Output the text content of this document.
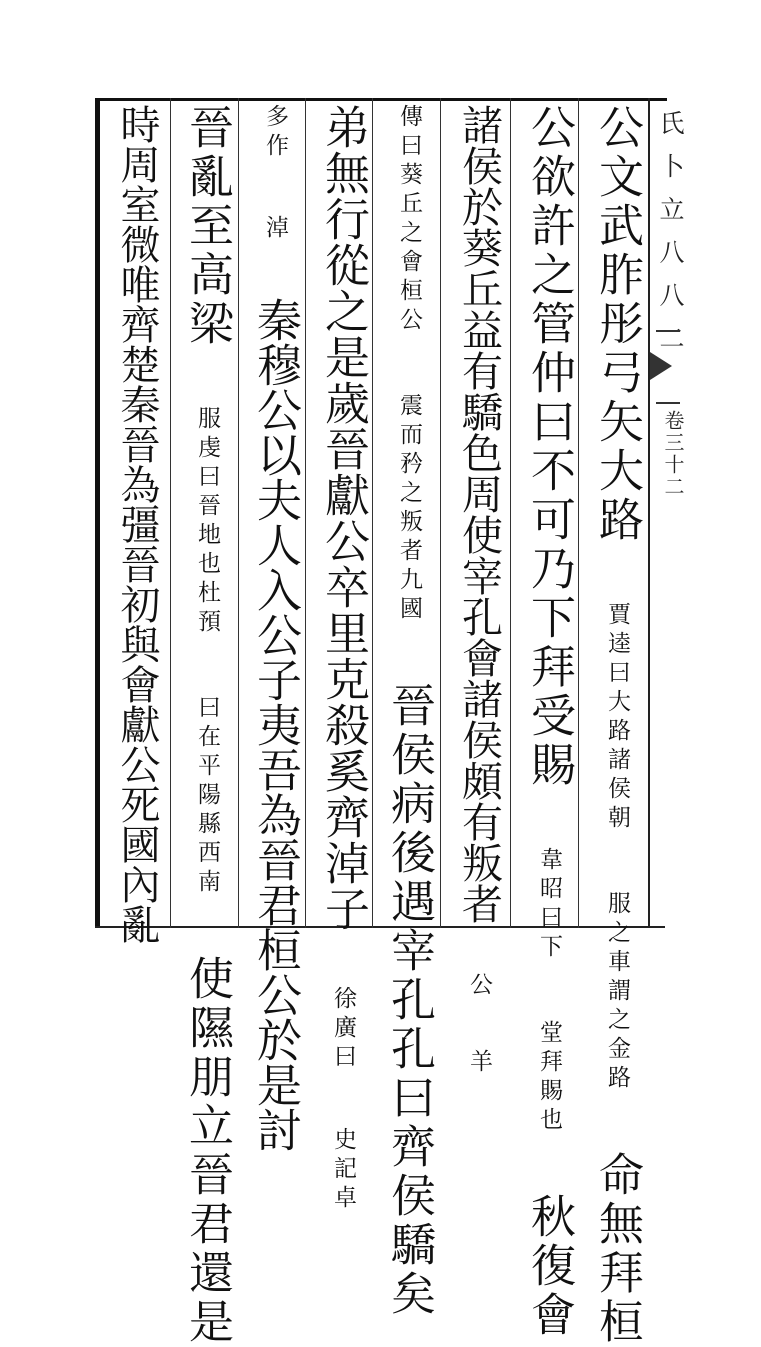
氏卜立八八二
卷三十二
公文武胙彤弓矢大路 賈逵曰大路諸侯朝 服之車謂之金路 命無拜桓
公欲許之管仲曰不可乃下拜受賜 韋昭曰下 堂拜賜也 秋復會
諸侯於葵丘益有驕色周使宰孔會諸侯頗有叛者 公 羊
傳曰葵丘之會桓公 震而矜之叛者九國 晉侯病後遇宰孔孔曰齊侯驕矣
弟無行從之是歲晉獻公卒里克殺奚齊淖子 徐廣曰 史記卓
多作 淖 秦穆公以夫人入公子夷吾為晉君桓公於是討
晉亂至高梁 服虔曰晉地也杜預 曰在平陽縣西南 使隰朋立晉君還是
時周室微唯齊楚秦晉為彊晉初與會獻公死國內亂
